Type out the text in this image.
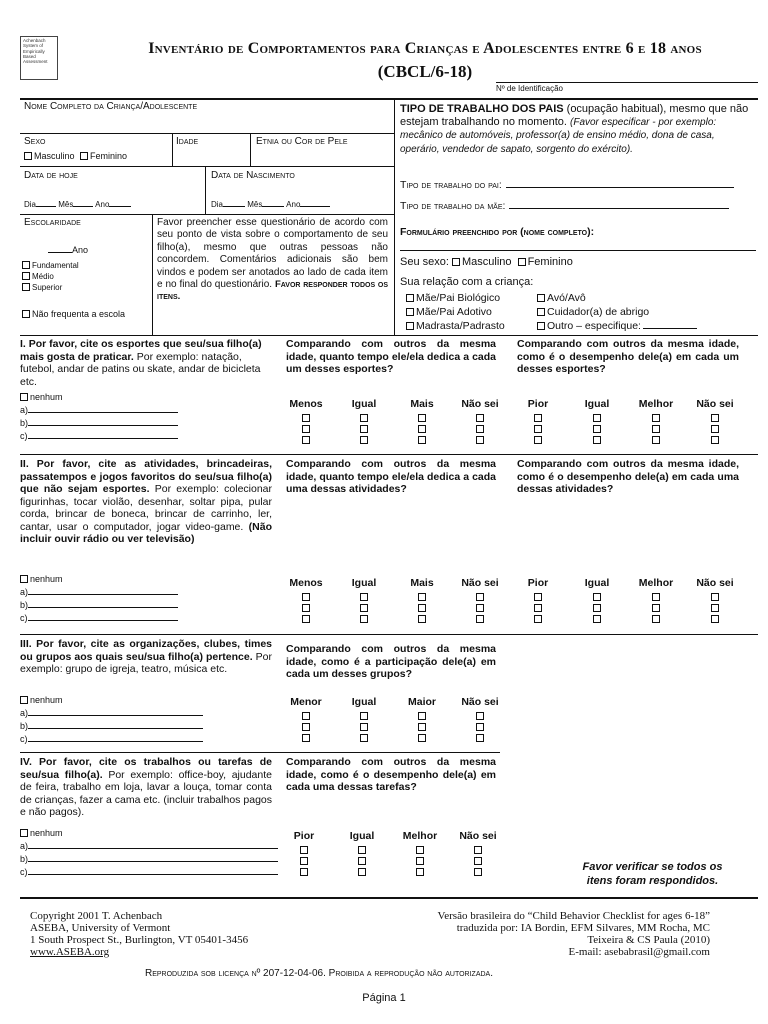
Achenbach
System of
Empirically
Based
Assessment
Inventário de Comportamentos para Crianças e Adolescentes entre 6 e 18 anos
(CBCL/6-18)
Nº de Identificação
Nome Completo da Criança/Adolescente
Sexo
Masculino Feminino
Idade	Etnia ou Cor de Pele
Data de hoje
Dia	Mês	Ano
Data de Nascimento
Dia	Mês	Ano
Escolaridade
Ano
Fundamental
Médio
Superior
Não frequenta a escola
Favor preencher esse questionário de acordo com seu ponto de vista sobre o comportamento de seu filho(a), mesmo que outras pessoas não concordem. Comentários adicionais são bem vindos e podem ser anotados ao lado de cada item e no final do questionário. Favor responder todos os itens.
TIPO DE TRABALHO DOS PAIS (ocupação habitual), mesmo que não estejam trabalhando no momento. (Favor especificar - por exemplo: mecânico de automóveis, professor(a) de ensino médio, dona de casa, operário, vendedor de sapato, sorgento do exército).
Tipo de trabalho do pai:
Tipo de trabalho da mãe:
Formulário preenchido por (nome completo):
Seu sexo: Masculino Feminino
Sua relação com a criança:
Mãe/Pai Biológico	Avó/Avô
Mãe/Pai Adotivo	Cuidador(a) de abrigo
Madrasta/Padrasto	Outro – especifique:
I. Por favor, cite os esportes que seu/sua filho(a) mais gosta de praticar. Por exemplo: natação, futebol, andar de patins ou skate, andar de bicicleta etc.
Comparando com outros da mesma idade, quanto tempo ele/ela dedica a cada um desses esportes?
Comparando com outros da mesma idade, como é o desempenho dele(a) em cada um desses esportes?
nenhum
a)
b)
c)
Menos	Igual	Mais	Não sei	Pior	Igual	Melhor Não sei
II. Por favor, cite as atividades, brincadeiras, passatempos e jogos favoritos do seu/sua filho(a) que não sejam esportes. Por exemplo: colecionar figurinhas, tocar violão, desenhar, soltar pipa, pular corda, brincar de boneca, brincar de carrinho, ler, cantar, usar o computador, jogar video-game. (Não incluir ouvir rádio ou ver televisão)
Comparando com outros da mesma idade, quanto tempo ele/ela dedica a cada uma dessas atividades?
Comparando com outros da mesma idade, como é o desempenho dele(a) em cada uma dessas atividades?
nenhum
a)
b)
c)
Menos	Igual	Mais	Não sei	Pior	Igual	Melhor Não sei
III. Por favor, cite as organizações, clubes, times ou grupos aos quais seu/sua filho(a) pertence. Por exemplo: grupo de igreja, teatro, música etc.
Comparando com outros da mesma idade, como é a participação dele(a) em cada um desses grupos?
nenhum
a)
b)
c)
Menor	Igual	Maior Não sei
IV. Por favor, cite os trabalhos ou tarefas de seu/sua filho(a). Por exemplo: office-boy, ajudante de feira, trabalho em loja, lavar a louça, tomar conta de crianças, fazer a cama etc. (incluir trabalhos pagos e não pagos).
Comparando com outros da mesma idade, como é o desempenho dele(a) em cada uma dessas tarefas?
nenhum
a)
b)
c)
Pior	Igual	Melhor Não sei
Favor verificar se todos os itens foram respondidos.
Copyright 2001 T. Achenbach
ASEBA, University of Vermont
1 South Prospect St., Burlington, VT 05401-3456
www.ASEBA.org
Versão brasileira do “Child Behavior Checklist for ages 6-18”
traduzida por: IA Bordin, EFM Silvares, MM Rocha, MC
Teixeira & CS Paula (2010)
E-mail: asebabrasil@gmail.com
Reproduzida sob licença nº 207-12-04-06. Proibida a reprodução não autorizada.
Página 1
